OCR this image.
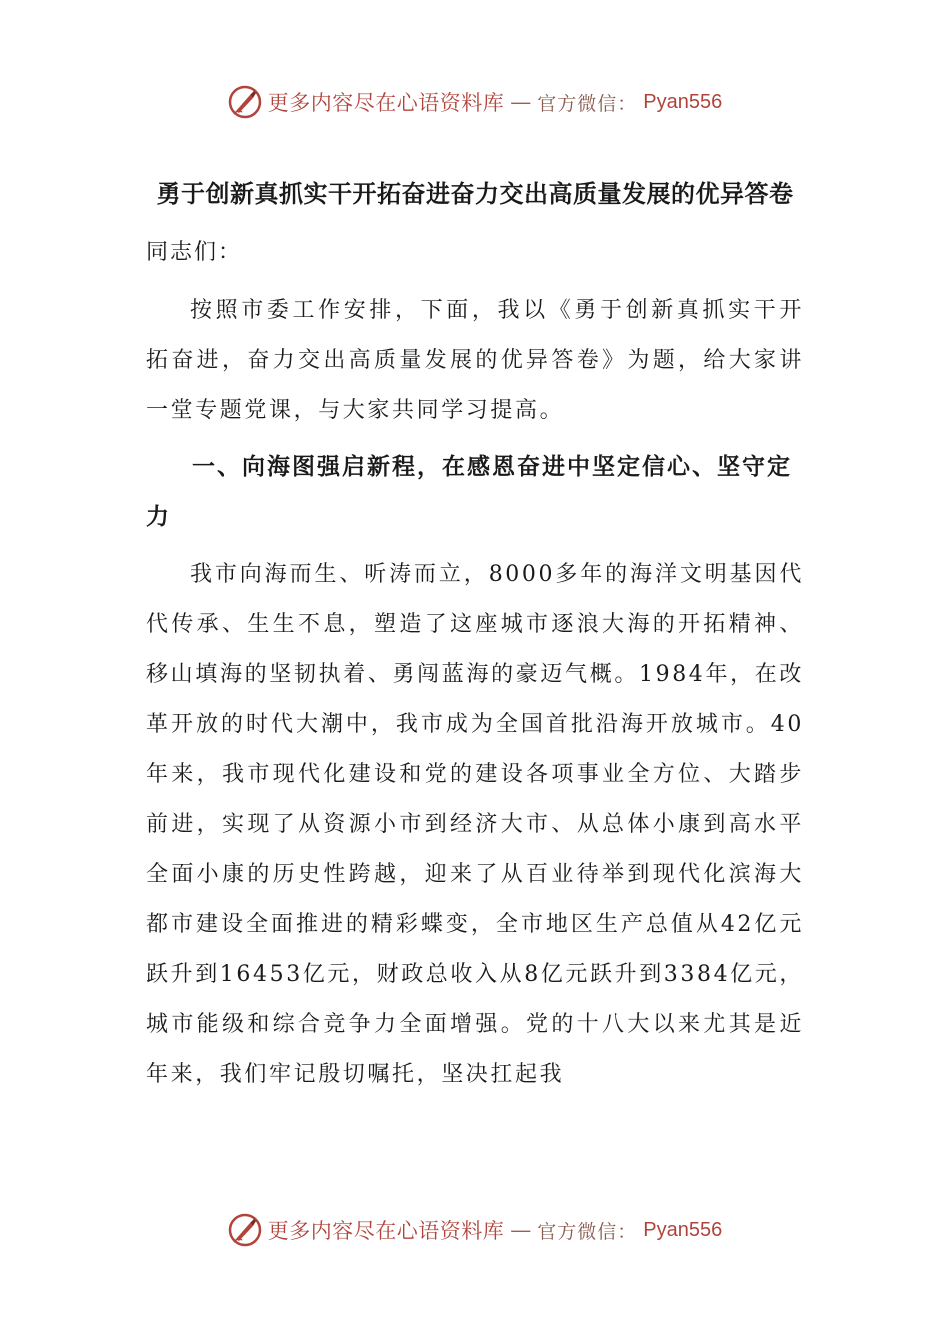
更多内容尽在心语资料库 — 官方微信： Pyan556

勇于创新真抓实干开拓奋进奋力交出高质量发展的优异答卷

同志们：

按照市委工作安排，下面，我以《勇于创新真抓实干开拓奋进，奋力交出高质量发展的优异答卷》为题，给大家讲一堂专题党课，与大家共同学习提高。

一、向海图强启新程，在感恩奋进中坚定信心、坚守定力

我市向海而生、听涛而立，8000多年的海洋文明基因代代传承、生生不息，塑造了这座城市逐浪大海的开拓精神、移山填海的坚韧执着、勇闯蓝海的豪迈气概。1984年，在改革开放的时代大潮中，我市成为全国首批沿海开放城市。40年来，我市现代化建设和党的建设各项事业全方位、大踏步前进，实现了从资源小市到经济大市、从总体小康到高水平全面小康的历史性跨越，迎来了从百业待举到现代化滨海大都市建设全面推进的精彩蝶变，全市地区生产总值从42亿元跃升到16453亿元，财政总收入从8亿元跃升到3384亿元，城市能级和综合竞争力全面增强。党的十八大以来尤其是近年来，我们牢记殷切嘱托，坚决扛起我

更多内容尽在心语资料库 — 官方微信： Pyan556
